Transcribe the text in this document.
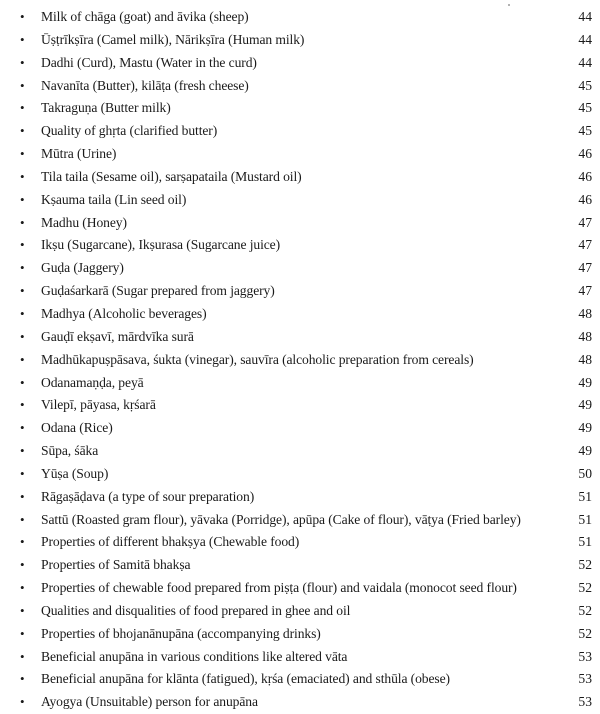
•	Milk of chāga (goat) and āvika (sheep)	44
•	Ūṣṭrīkṣīra (Camel milk), Nārikṣīra (Human milk)	44
•	Dadhi (Curd), Mastu (Water in the curd)	44
•	Navanīta (Butter), kilāṭa (fresh cheese)	45
•	Takraguṇa (Butter milk)	45
•	Quality of ghṛta (clarified butter)	45
•	Mūtra (Urine)	46
•	Tila taila (Sesame oil), sarṣapataila (Mustard oil)	46
•	Kṣauma taila (Lin seed oil)	46
•	Madhu (Honey)	47
•	Ikṣu (Sugarcane), Ikṣurasa (Sugarcane juice)	47
•	Guḍa (Jaggery)	47
•	Guḍaśarkarā (Sugar prepared from jaggery)	47
•	Madhya (Alcoholic beverages)	48
•	Gauḍī ekṣavī, mārdvīka surā	48
•	Madhūkapuṣpāsava, śukta (vinegar), sauvīra (alcoholic preparation from cereals)	48
•	Odanamaṇḍa, peyā	49
•	Vilepī, pāyasa, kṛśarā	49
•	Odana (Rice)	49
•	Sūpa, śāka	49
•	Yūṣa (Soup)	50
•	Rāgaṣāḍava (a type of sour preparation)	51
•	Sattū (Roasted gram flour), yāvaka (Porridge), apūpa (Cake of flour), vāṭya (Fried barley)	51
•	Properties of different bhakṣya (Chewable food)	51
•	Properties of Samitā bhakṣa	52
•	Properties of chewable food prepared from piṣṭa (flour) and vaidala (monocot seed flour)	52
•	Qualities and disqualities of food prepared in ghee and oil	52
•	Properties of bhojanānupāna (accompanying drinks)	52
•	Beneficial anupāna in various conditions like altered vāta	53
•	Beneficial anupāna for klānta (fatigued), kṛśa (emaciated) and sthūla (obese)	53
•	Ayogya (Unsuitable) person for anupāna	53
